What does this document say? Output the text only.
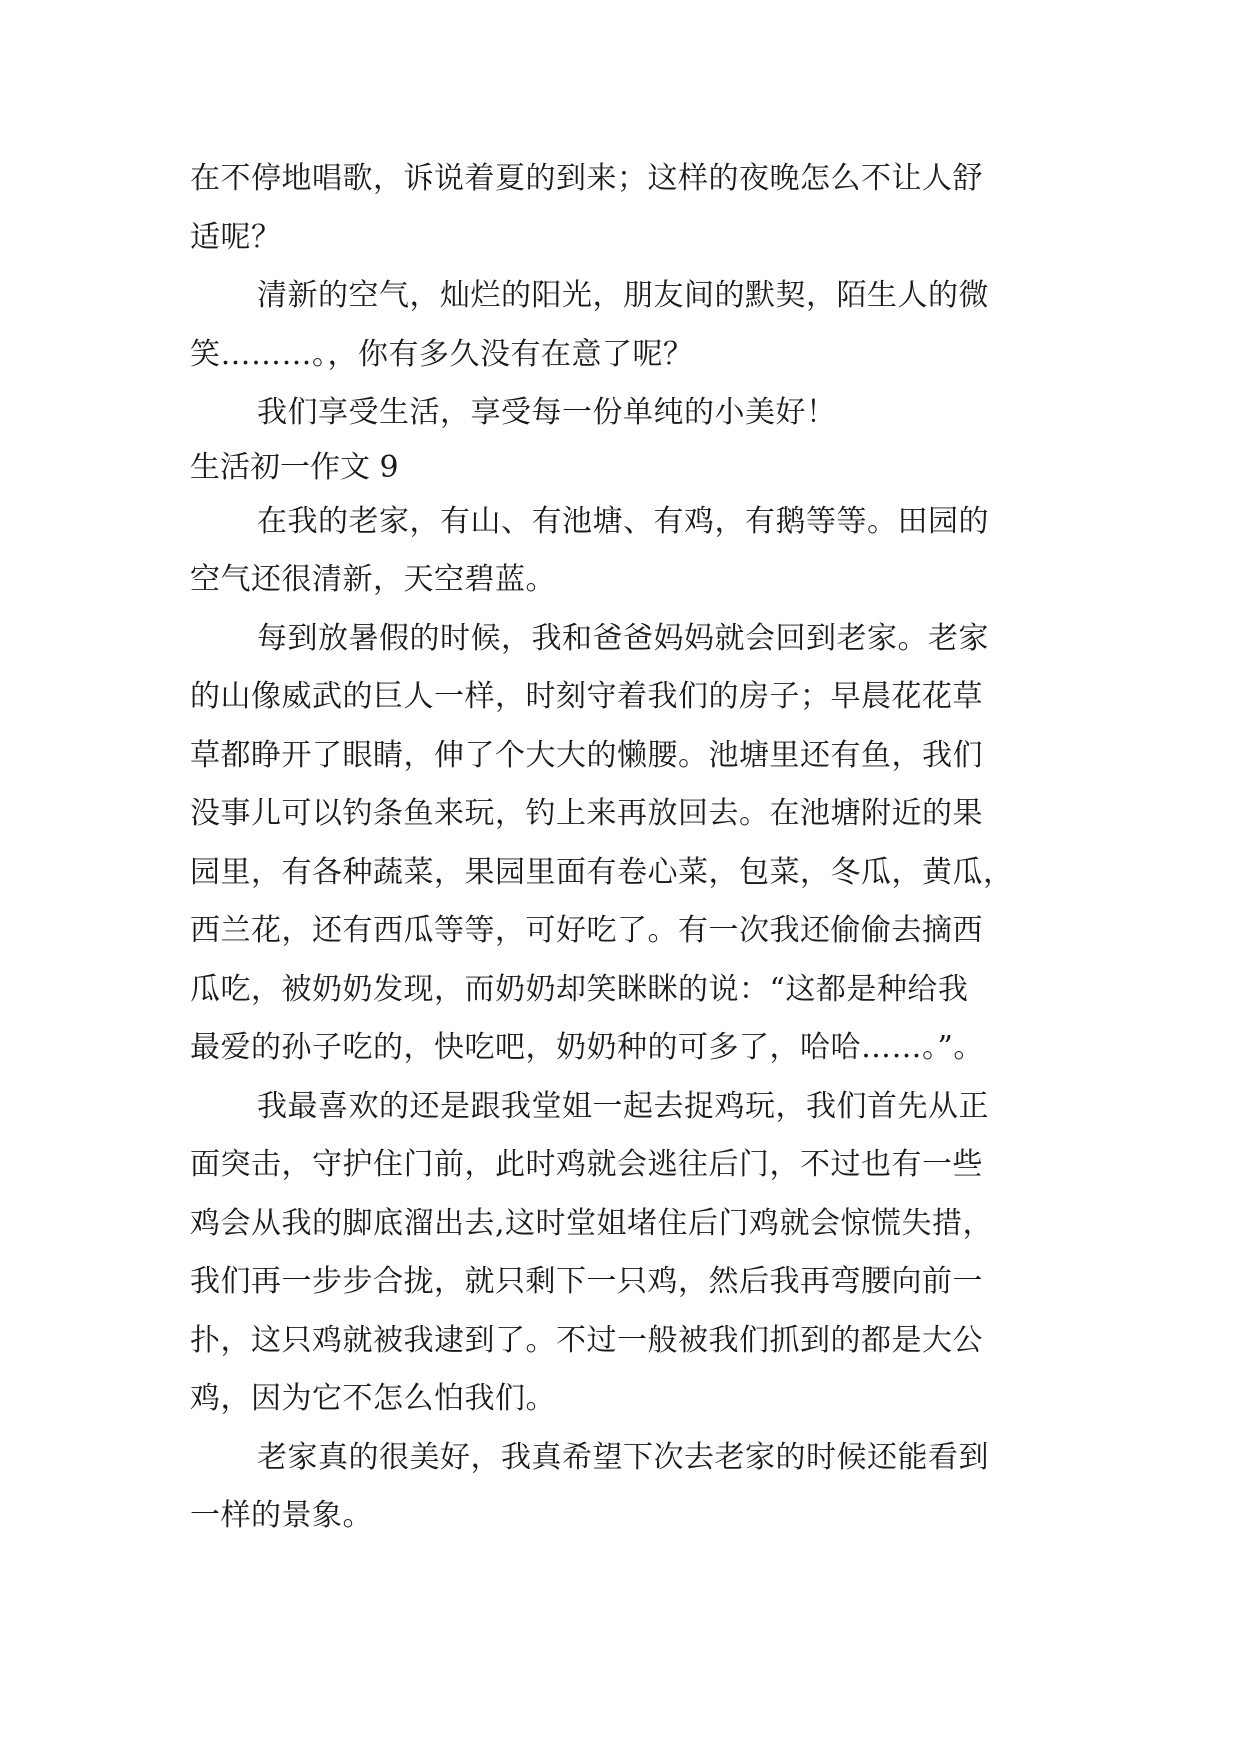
在不停地唱歌，诉说着夏的到来；这样的夜晚怎么不让人舒
适呢？
清新的空气，灿烂的阳光，朋友间的默契，陌生人的微
笑………。，你有多久没有在意了呢？
我们享受生活，享受每一份单纯的小美好！
生活初一作文 9
在我的老家，有山、有池塘、有鸡，有鹅等等。田园的
空气还很清新，天空碧蓝。
每到放暑假的时候，我和爸爸妈妈就会回到老家。老家
的山像威武的巨人一样，时刻守着我们的房子；早晨花花草
草都睁开了眼睛，伸了个大大的懒腰。池塘里还有鱼，我们
没事儿可以钓条鱼来玩，钓上来再放回去。在池塘附近的果
园里，有各种蔬菜，果园里面有卷心菜，包菜，冬瓜，黄瓜，
西兰花，还有西瓜等等，可好吃了。有一次我还偷偷去摘西
瓜吃，被奶奶发现，而奶奶却笑眯眯的说：“这都是种给我
最爱的孙子吃的，快吃吧，奶奶种的可多了，哈哈……。”。
我最喜欢的还是跟我堂姐一起去捉鸡玩，我们首先从正
面突击，守护住门前，此时鸡就会逃往后门，不过也有一些
鸡会从我的脚底溜出去,这时堂姐堵住后门鸡就会惊慌失措，
我们再一步步合拢，就只剩下一只鸡，然后我再弯腰向前一
扑，这只鸡就被我逮到了。不过一般被我们抓到的都是大公
鸡，因为它不怎么怕我们。
老家真的很美好，我真希望下次去老家的时候还能看到
一样的景象。
